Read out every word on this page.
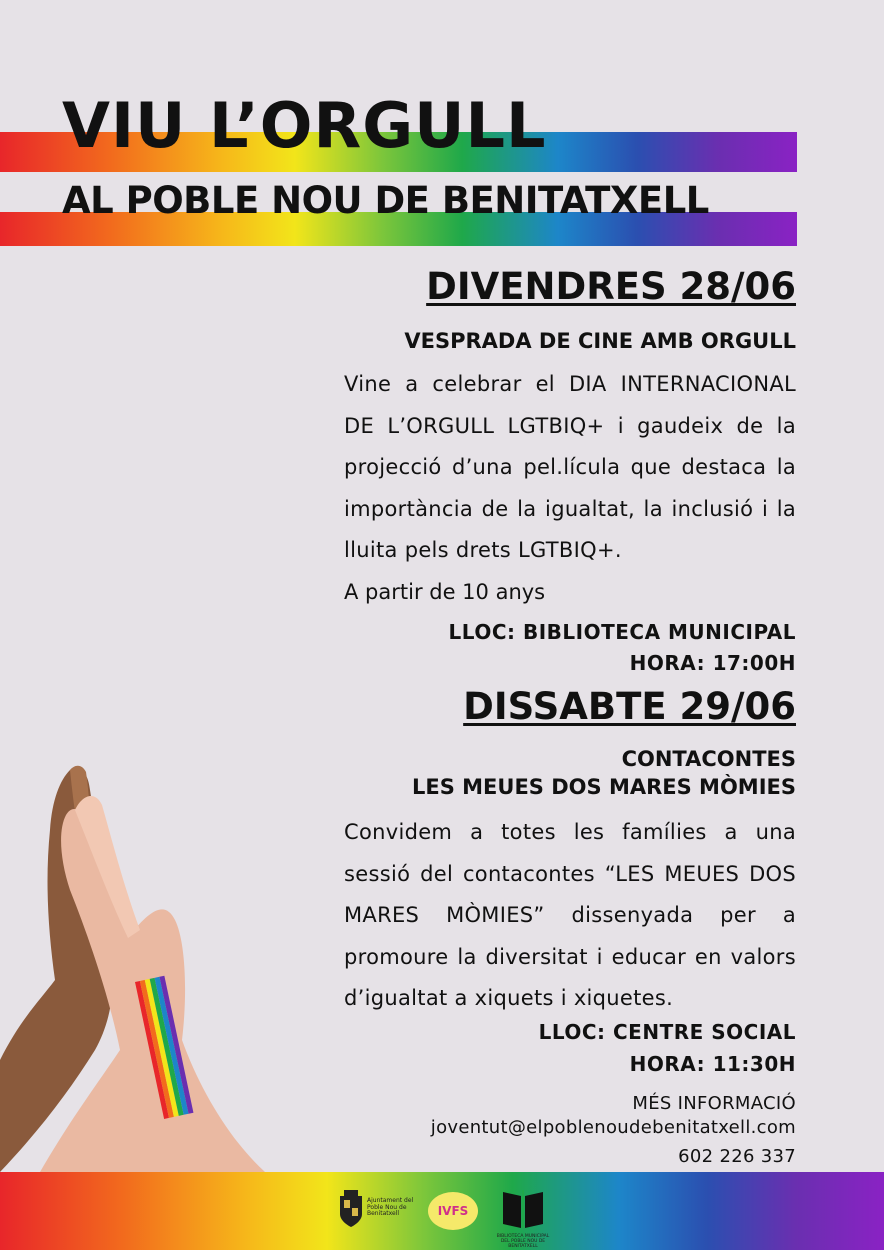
VIU L’ORGULL
AL POBLE NOU DE BENITATXELL

DIVENDRES 28/06

VESPRADA DE CINE AMB ORGULL

Vine a celebrar el DIA INTERNACIONAL DE L’ORGULL LGTBIQ+ i gaudeix de la projecció d’una pel.lícula que destaca la importància de la igualtat, la inclusió i la lluita pels drets LGTBIQ+.

A partir de 10 anys

LLOC: BIBLIOTECA MUNICIPAL

HORA: 17:00H

DISSABTE 29/06

CONTACONTES

LES MEUES DOS MARES MÒMIES

Convidem a totes les famílies a una sessió del contacontes “LES MEUES DOS MARES MÒMIES” dissenyada per a promoure la diversitat i educar en valors d’igualtat a xiquets i xiquetes.

LLOC: CENTRE SOCIAL

HORA: 11:30H

MÉS INFORMACIÓ

joventut@elpoblenoudebenitatxell.com

602 226 337

Ajuntament del
Poble Nou de
Benitatxell	IVFS
BIBLIOTECA MUNICIPAL
DEL POBLE NOU DE BENITATXELL
